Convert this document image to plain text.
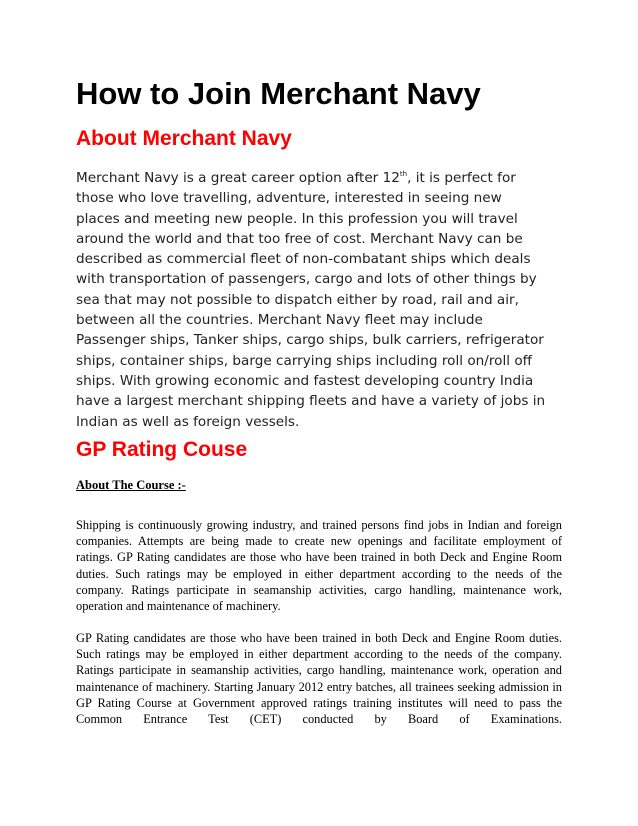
How to Join Merchant Navy
About Merchant Navy

Merchant Navy is a great career option after 12th, it is perfect for those who love travelling, adventure, interested in seeing new places and meeting new people. In this profession you will travel around the world and that too free of cost. Merchant Navy can be described as commercial fleet of non-combatant ships which deals with transportation of passengers, cargo and lots of other things by sea that may not possible to dispatch either by road, rail and air, between all the countries. Merchant Navy fleet may include Passenger ships, Tanker ships, cargo ships, bulk carriers, refrigerator ships, container ships, barge carrying ships including roll on/roll off ships. With growing economic and fastest developing country India have a largest merchant shipping fleets and have a variety of jobs in Indian as well as foreign vessels.

GP Rating Couse

About The Course :-

Shipping is continuously growing industry, and trained persons find jobs in Indian and foreign
companies. Attempts are being made to create new openings and facilitate employment of
ratings. GP Rating candidates are those who have been trained in both Deck and Engine Room
duties. Such ratings may be employed in either department according to the needs of the
company. Ratings participate in seamanship activities, cargo handling, maintenance work,
operation and maintenance of machinery.

GP Rating candidates are those who have been trained in both Deck and Engine Room duties.
Such ratings may be employed in either department according to the needs of the company.
Ratings participate in seamanship activities, cargo handling, maintenance work, operation and
maintenance of machinery. Starting January 2012 entry batches, all trainees seeking admission in
GP Rating Course at Government approved ratings training institutes will need to pass the
Common Entrance Test (CET) conducted by Board of Examinations.
